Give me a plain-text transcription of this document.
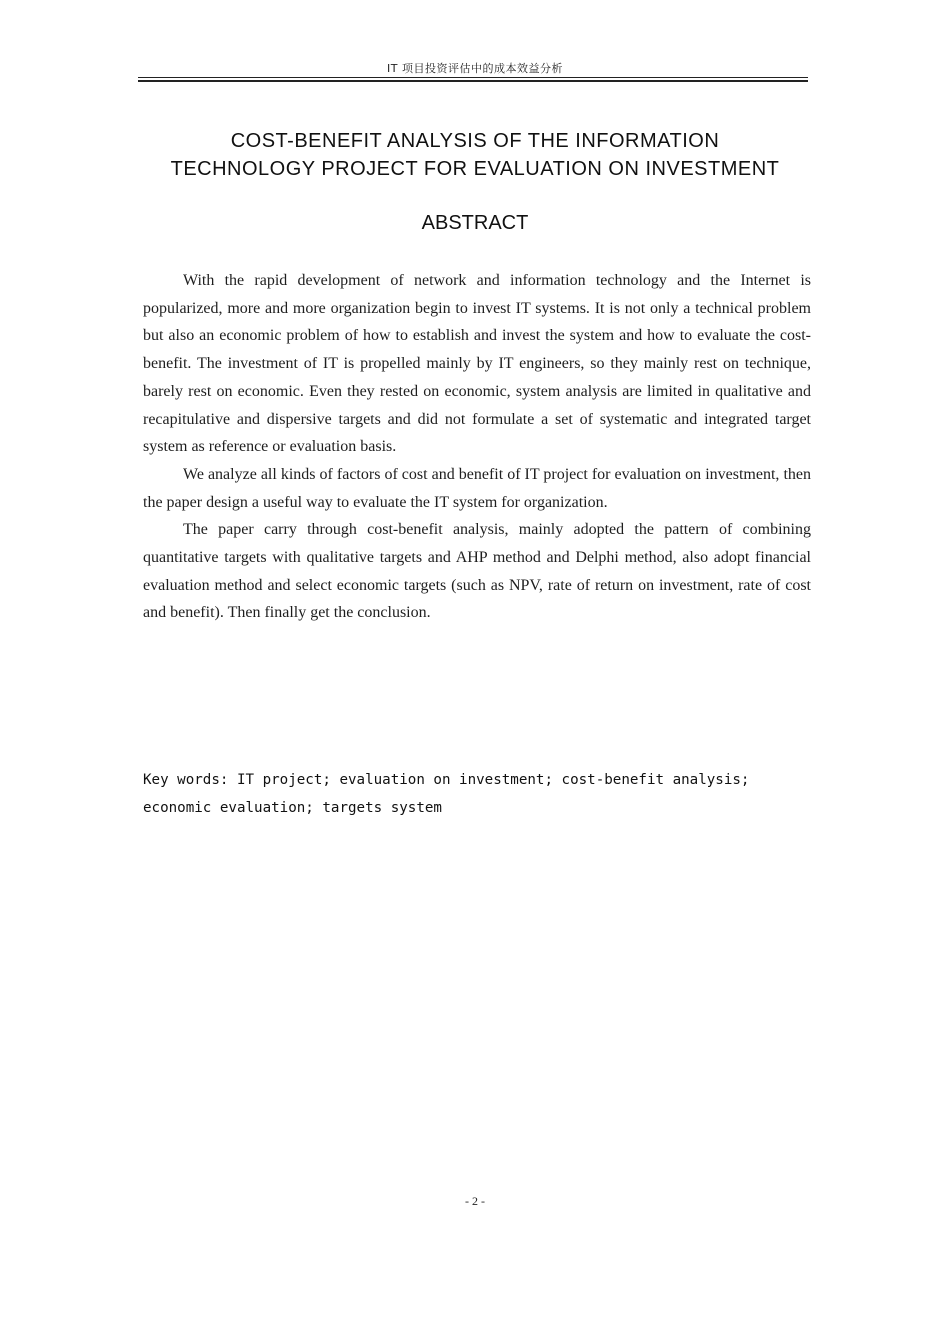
IT 项目投资评估中的成本效益分析
COST-BENEFIT ANALYSIS OF THE INFORMATION
TECHNOLOGY PROJECT FOR EVALUATION ON INVESTMENT
ABSTRACT

With the rapid development of network and information technology and the Internet is popularized, more and more organization begin to invest IT systems. It is not only a technical problem but also an economic problem of how to establish and invest the system and how to evaluate the cost-benefit. The investment of IT is propelled mainly by IT engineers, so they mainly rest on technique, barely rest on economic. Even they rested on economic, system analysis are limited in qualitative and recapitulative and dispersive targets and did not formulate a set of systematic and integrated target system as reference or evaluation basis.

We analyze all kinds of factors of cost and benefit of IT project for evaluation on investment, then the paper design a useful way to evaluate the IT system for organization.

The paper carry through cost-benefit analysis, mainly adopted the pattern of combining quantitative targets with qualitative targets and AHP method and Delphi method, also adopt financial evaluation method and select economic targets (such as NPV, rate of return on investment, rate of cost and benefit). Then finally get the conclusion.

Key words: IT project; evaluation on investment; cost-benefit analysis; economic evaluation; targets system
- 2 -
